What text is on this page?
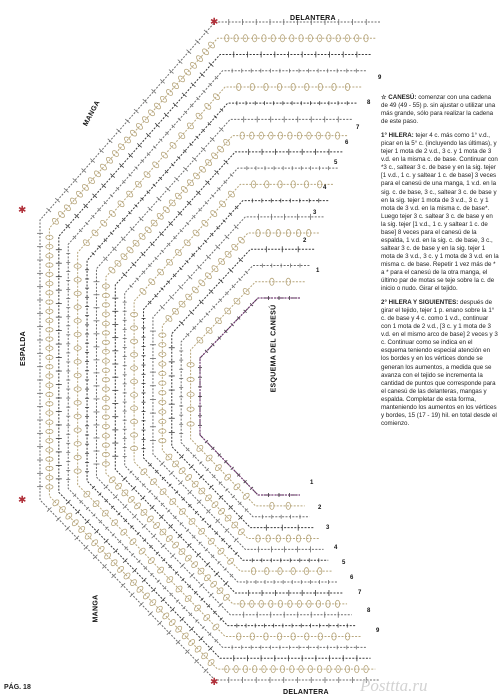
✱
✱
✱
✱
DELANTERA
DELANTERA
MANGA
MANGA
ESPALDA	ESQUEMA DEL CANESÚ
9
8
7
6
5
4
3
2
1
1
2
3
4
5
6
7
8
9

☆ CANESÚ: comenzar con una cadena de 49 (49 - 55) p. sin ajustar o utilizar una más grande, sólo para realizar la cadena de este paso.

1° HILERA: tejer 4 c. más como 1° v.d., picar en la 5° c. (incluyendo las últimas), y tejer 1 mota de 2 v.d., 3 c. y 1 mota de 3 v.d. en la misma c. de base. Continuar con *3 c., saltear 3 c. de base y en la sig. tejer [1 v.d., 1 c. y saltear 1 c. de base] 3 veces para el canesú de una manga, 1 v.d. en la sig. c. de base, 3 c., saltear 3 c. de base y en la sig. tejer 1 mota de 3 v.d., 3 c. y 1 mota de 3 v.d. en la misma c. de base*.

Luego tejer 3 c. saltear 3 c. de base y en la sig. tejer [1 v.d., 1 c. y saltear 1 c. de base] 8 veces para el canesú de la espalda, 1 v.d. en la sig. c. de base, 3 c., saltear 3 c. de base y en la sig. tejer 1 mota de 3 v.d., 3 c. y 1 mota de 3 v.d. en la misma c. de base. Repetir 1 vez más de * a * para el canesú de la otra manga, el último par de motas se teje sobre la c. de inicio o nudo. Girar el tejido.

2° HILERA Y SIGUIENTES: después de girar el tejido, tejer 1 p. enano sobre la 1° c. de base y 4 c. como 1 v.d., continuar con 1 mota de 2 v.d., [3 c. y 1 mota de 3 v.d. en el mismo arco de base] 2 veces y 3 c. Continuar como se indica en el esquema teniendo especial atención en los bordes y en los vértices donde se generan los aumentos, a medida que se avanza con el tejido se incrementa la cantidad de puntos que corresponde para el canesú de las delanteras, mangas y espalda. Completar de esta forma, manteniendo los aumentos en los vértices y bordes, 15 (17 - 19) hil. en total desde el comienzo.

PÁG. 18	Posttta.ru
